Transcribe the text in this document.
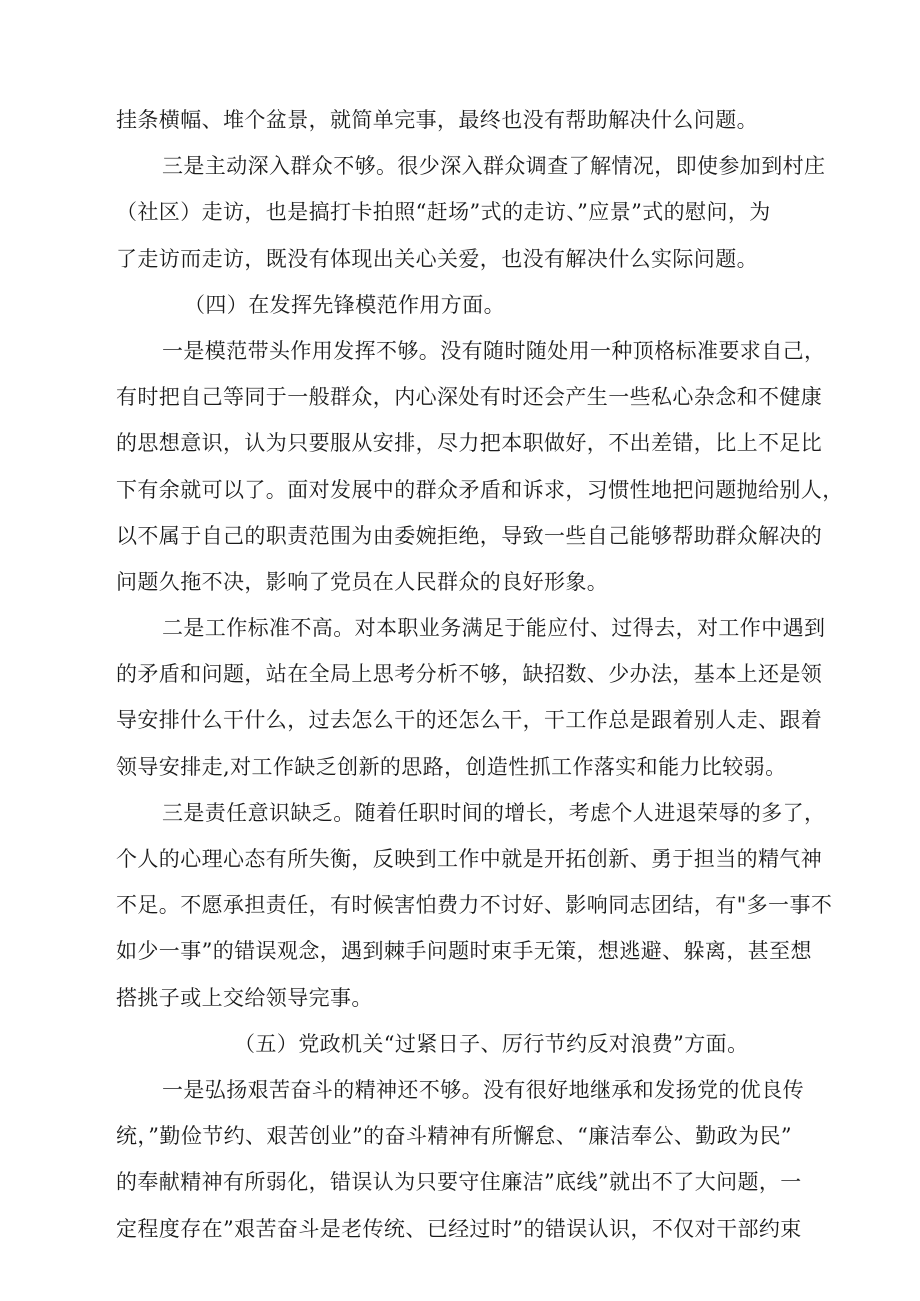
挂条横幅、堆个盆景，就简单完事，最终也没有帮助解决什么问题。
三是主动深入群众不够。很少深入群众调查了解情况，即使参加到村庄
（社区）走访，也是搞打卡拍照“赶场”式的走访、”应景”式的慰问，为
了走访而走访，既没有体现出关心关爱，也没有解决什么实际问题。
（四）在发挥先锋模范作用方面。
一是模范带头作用发挥不够。没有随时随处用一种顶格标准要求自己，
有时把自己等同于一般群众，内心深处有时还会产生一些私心杂念和不健康
的思想意识，认为只要服从安排，尽力把本职做好，不出差错，比上不足比
下有余就可以了。面对发展中的群众矛盾和诉求，习惯性地把问题抛给别人，
以不属于自己的职责范围为由委婉拒绝，导致一些自己能够帮助群众解决的
问题久拖不决，影响了党员在人民群众的良好形象。
二是工作标准不高。对本职业务满足于能应付、过得去，对工作中遇到
的矛盾和问题，站在全局上思考分析不够，缺招数、少办法，基本上还是领
导安排什么干什么，过去怎么干的还怎么干，干工作总是跟着别人走、跟着
领导安排走,对工作缺乏创新的思路，创造性抓工作落实和能力比较弱。
三是责任意识缺乏。随着任职时间的增长，考虑个人进退荣辱的多了，
个人的心理心态有所失衡，反映到工作中就是开拓创新、勇于担当的精气神
不足。不愿承担责任，有时候害怕费力不讨好、影响同志团结，有"多一事不
如少一事”的错误观念，遇到棘手问题时束手无策，想逃避、躲离，甚至想
搭挑子或上交给领导完事。
（五）党政机关“过紧日子、厉行节约反对浪费”方面。
一是弘扬艰苦奋斗的精神还不够。没有很好地继承和发扬党的优良传
统，”勤俭节约、艰苦创业”的奋斗精神有所懈怠、“廉洁奉公、勤政为民”
的奉献精神有所弱化，错误认为只要守住廉洁”底线”就出不了大问题，一
定程度存在”艰苦奋斗是老传统、已经过时”的错误认识，不仅对干部约束
